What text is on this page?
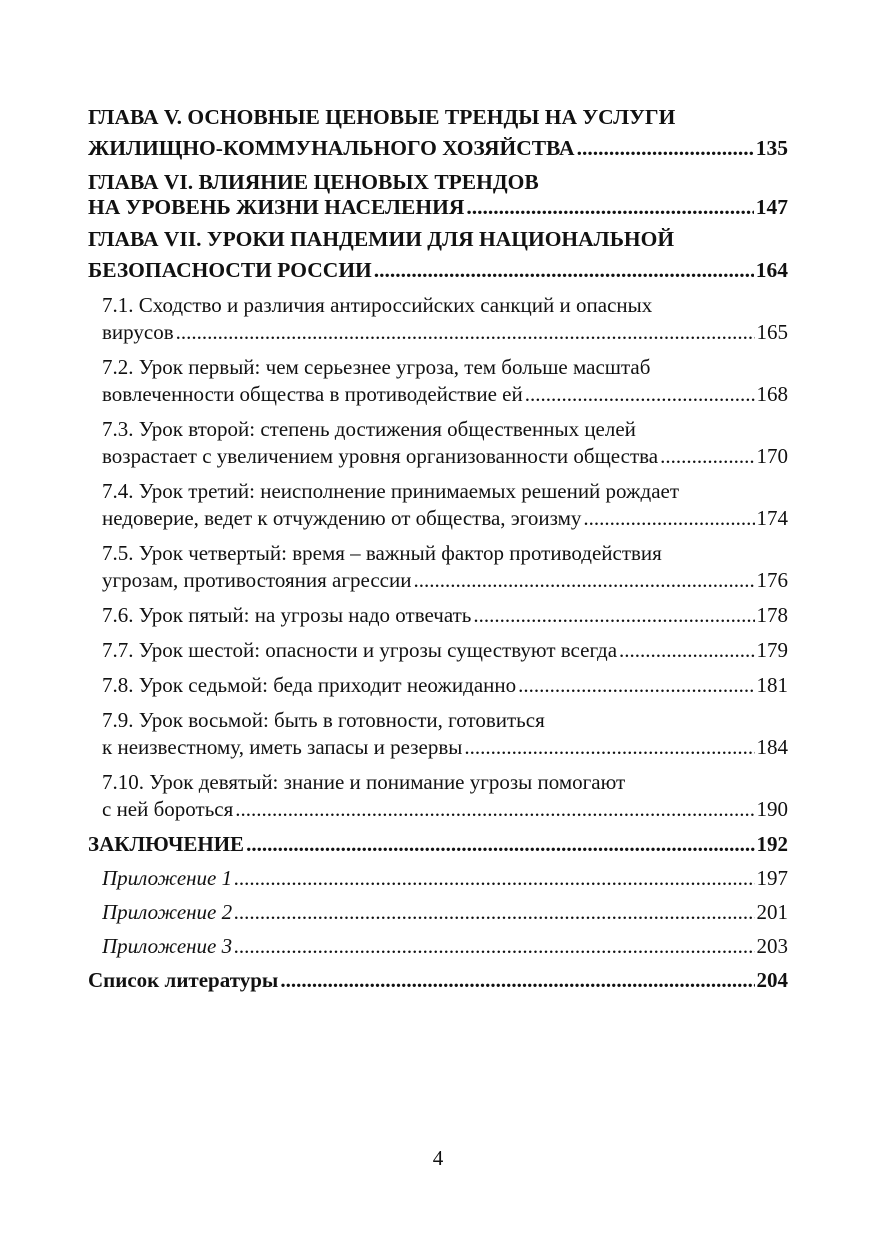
ГЛАВА V. ОСНОВНЫЕ ЦЕНОВЫЕ ТРЕНДЫ НА УСЛУГИ
ЖИЛИЩНО-КОММУНАЛЬНОГО ХОЗЯЙСТВА .....	135
ГЛАВА VI. ВЛИЯНИЕ ЦЕНОВЫХ ТРЕНДОВ
НА УРОВЕНЬ ЖИЗНИ НАСЕЛЕНИЯ .....	147
ГЛАВА VII. УРОКИ ПАНДЕМИИ ДЛЯ НАЦИОНАЛЬНОЙ
БЕЗОПАСНОСТИ РОССИИ .....	164
7.1. Сходство и различия антироссийских санкций и опасных
вирусов .....	165
7.2. Урок первый: чем серьезнее угроза, тем больше масштаб
вовлеченности общества в противодействие ей .....	168
7.3. Урок второй: степень достижения общественных целей
возрастает с увеличением уровня организованности общества .....	170
7.4. Урок третий: неисполнение принимаемых решений рождает
недоверие, ведет к отчуждению от общества, эгоизму .....	174
7.5. Урок четвертый: время – важный фактор противодействия
угрозам, противостояния агрессии .....	176
7.6. Урок пятый: на угрозы надо отвечать .....	178
7.7. Урок шестой: опасности и угрозы существуют всегда .....	179
7.8. Урок седьмой: беда приходит неожиданно .....	181
7.9. Урок восьмой: быть в готовности, готовиться
к неизвестному, иметь запасы и резервы .....	184
7.10. Урок девятый: знание и понимание угрозы помогают
с ней бороться .....	190
ЗАКЛЮЧЕНИЕ .....	192
Приложение 1 .....	197
Приложение 2 .....	201
Приложение 3 .....	203
Список литературы .....	204
4
